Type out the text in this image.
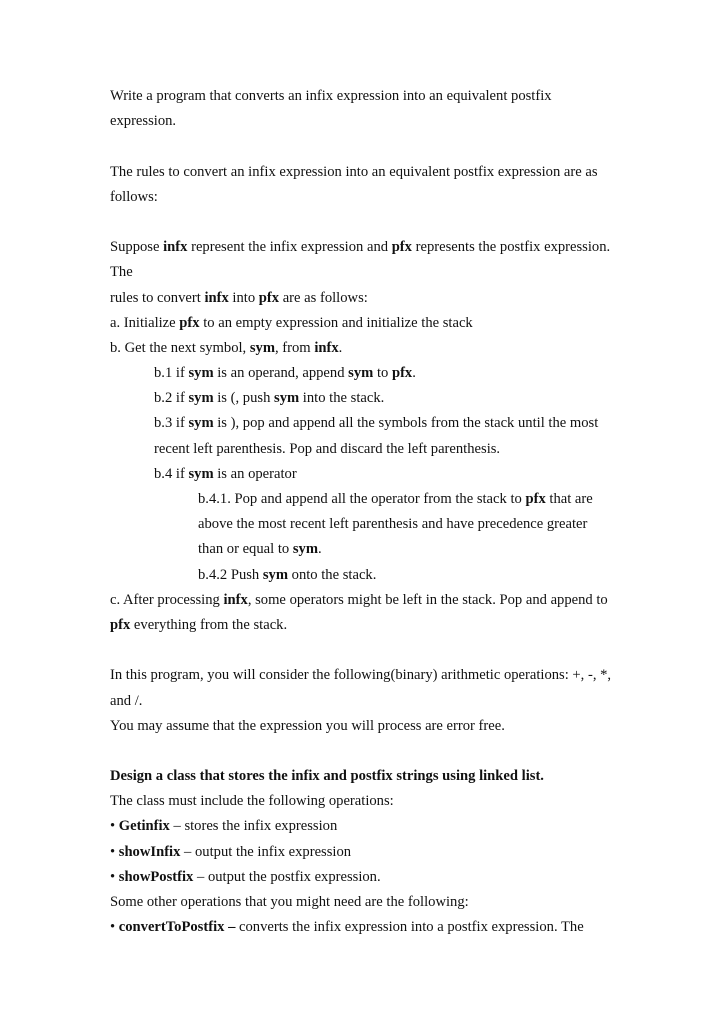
Write a program that converts an infix expression into an equivalent postfix
expression.
The rules to convert an infix expression into an equivalent postfix expression are as
follows:
Suppose infx represent the infix expression and pfx represents the postfix expression.
The
rules to convert infx into pfx are as follows:
a. Initialize pfx to an empty expression and initialize the stack
b. Get the next symbol, sym, from infx.
b.1 if sym is an operand, append sym to pfx.
b.2 if sym is (, push sym into the stack.
b.3 if sym is ), pop and append all the symbols from the stack until the most
recent left parenthesis. Pop and discard the left parenthesis.
b.4 if sym is an operator
b.4.1. Pop and append all the operator from the stack to pfx that are
above the most recent left parenthesis and have precedence greater
than or equal to sym.
b.4.2 Push sym onto the stack.
c. After processing infx, some operators might be left in the stack. Pop and append to
pfx everything from the stack.
In this program, you will consider the following(binary) arithmetic operations: +, -, *,
and /.
You may assume that the expression you will process are error free.
Design a class that stores the infix and postfix strings using linked list.
The class must include the following operations:
• Getinfix – stores the infix expression
• showInfix – output the infix expression
• showPostfix – output the postfix expression.
Some other operations that you might need are the following:
• convertToPostfix – converts the infix expression into a postfix expression. The
